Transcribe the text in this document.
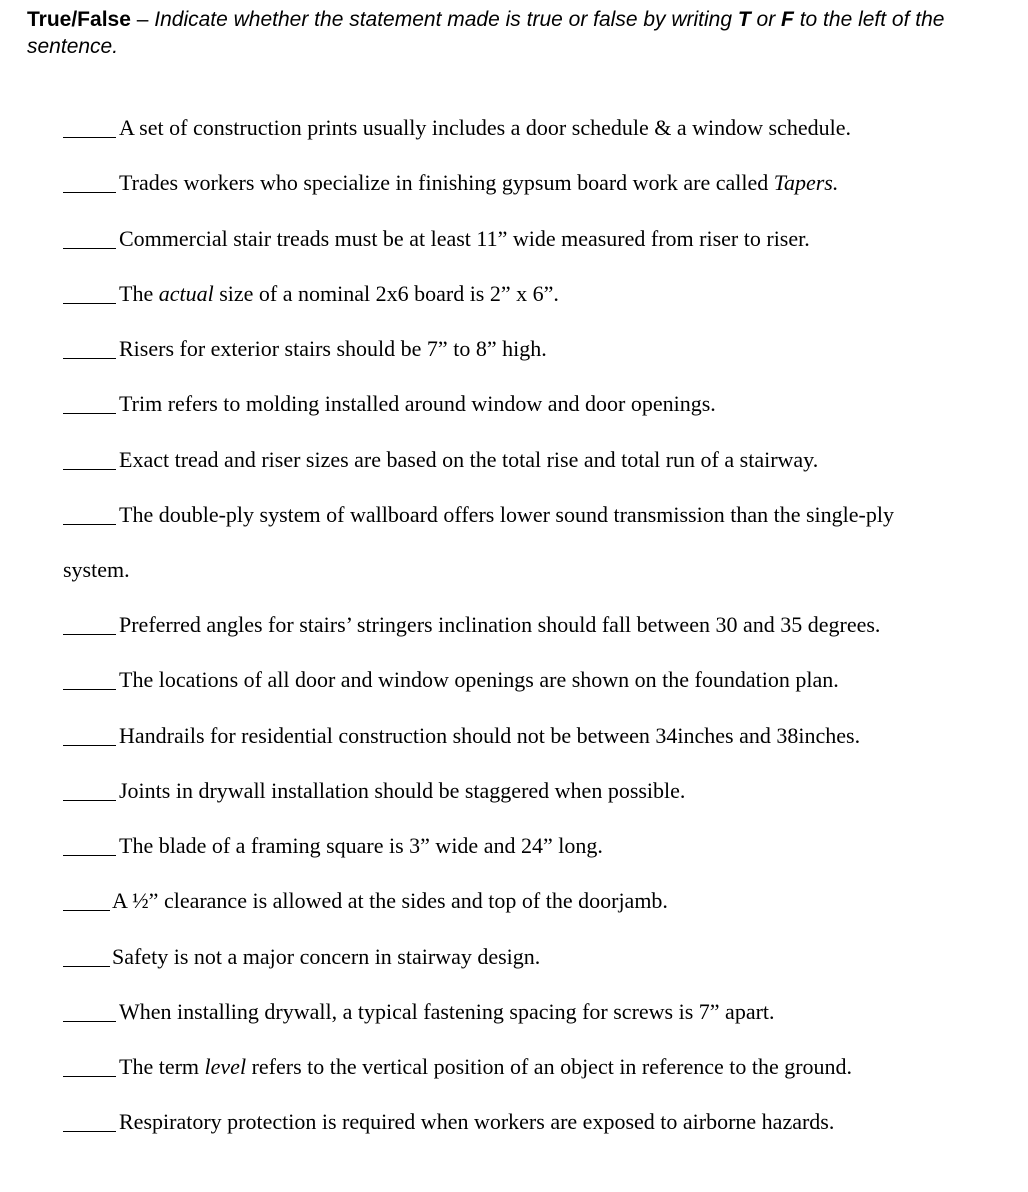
True/False – Indicate whether the statement made is true or false by writing T or F to the left of the sentence.
A set of construction prints usually includes a door schedule & a window schedule.
Trades workers who specialize in finishing gypsum board work are called Tapers.
Commercial stair treads must be at least 11” wide measured from riser to riser.
The actual size of a nominal 2x6 board is 2” x 6”.
Risers for exterior stairs should be 7” to 8” high.
Trim refers to molding installed around window and door openings.
Exact tread and riser sizes are based on the total rise and total run of a stairway.
The double-ply system of wallboard offers lower sound transmission than the single-ply
system.
Preferred angles for stairs’ stringers inclination should fall between 30 and 35 degrees.
The locations of all door and window openings are shown on the foundation plan.
Handrails for residential construction should not be between 34inches and 38inches.
Joints in drywall installation should be staggered when possible.
The blade of a framing square is 3” wide and 24” long.
A ½” clearance is allowed at the sides and top of the doorjamb.
Safety is not a major concern in stairway design.
When installing drywall, a typical fastening spacing for screws is 7” apart.
The term level refers to the vertical position of an object in reference to the ground.
Respiratory protection is required when workers are exposed to airborne hazards.
